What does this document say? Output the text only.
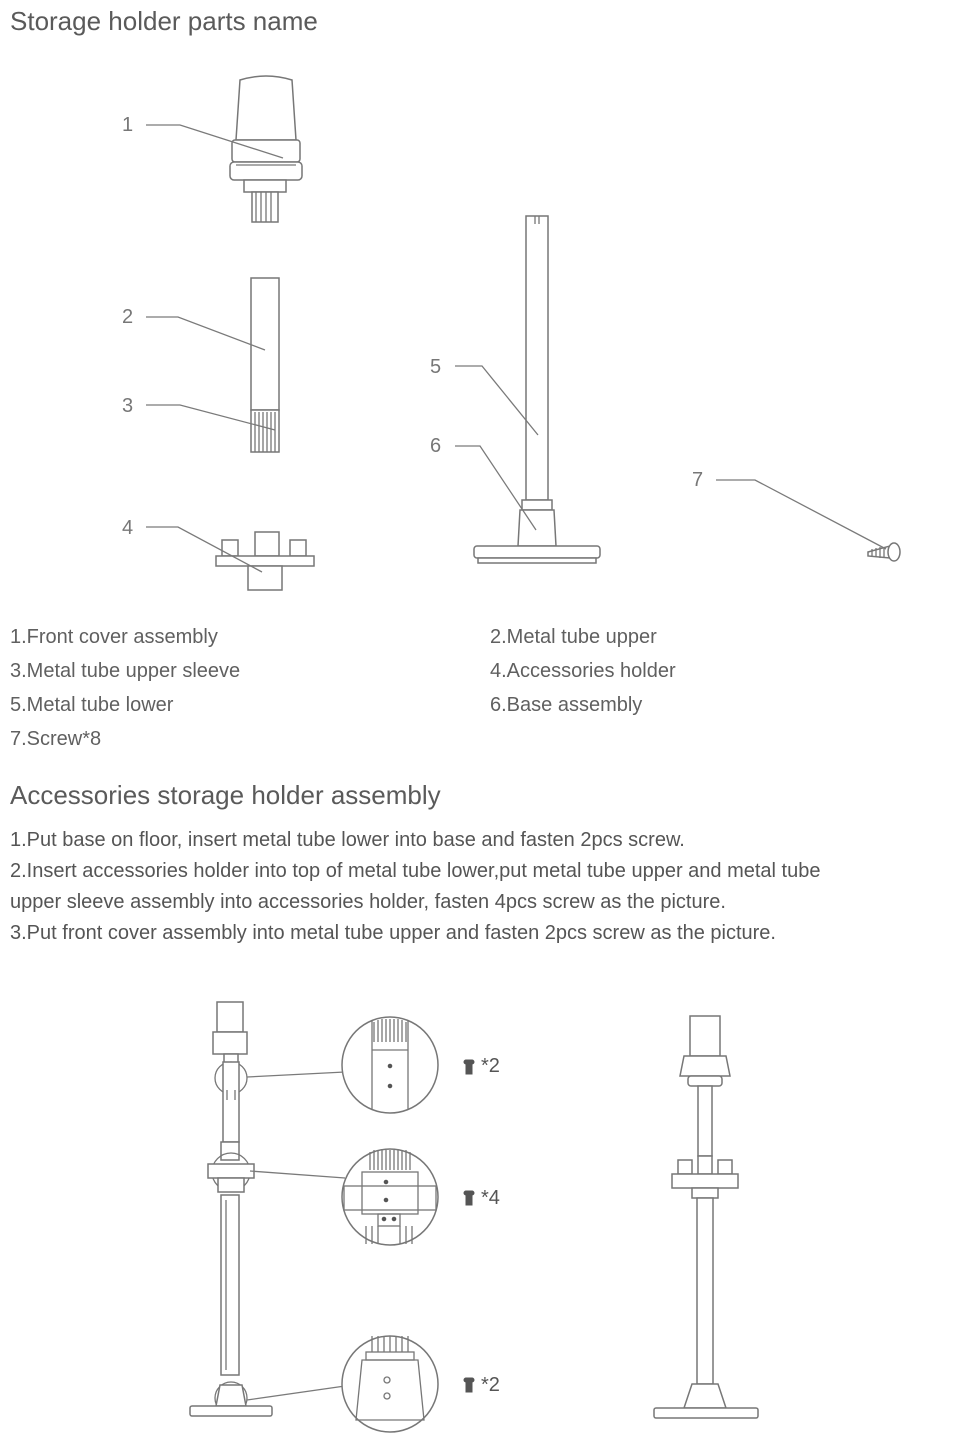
Storage holder parts name
1
2
3
4
5
6
7
1.Front cover assembly	2.Metal tube upper
3.Metal tube upper sleeve	4.Accessories holder
5.Metal tube lower	6.Base assembly
7.Screw*8
Accessories storage holder assembly
1.Put base on floor, insert metal tube lower into base and fasten 2pcs screw.
2.Insert accessories holder into top of metal tube lower,put metal tube upper and metal tube
upper sleeve assembly into accessories holder, fasten 4pcs screw as the picture.
3.Put front cover assembly into metal tube upper and fasten 2pcs screw as the picture.
*2
*4
*2
